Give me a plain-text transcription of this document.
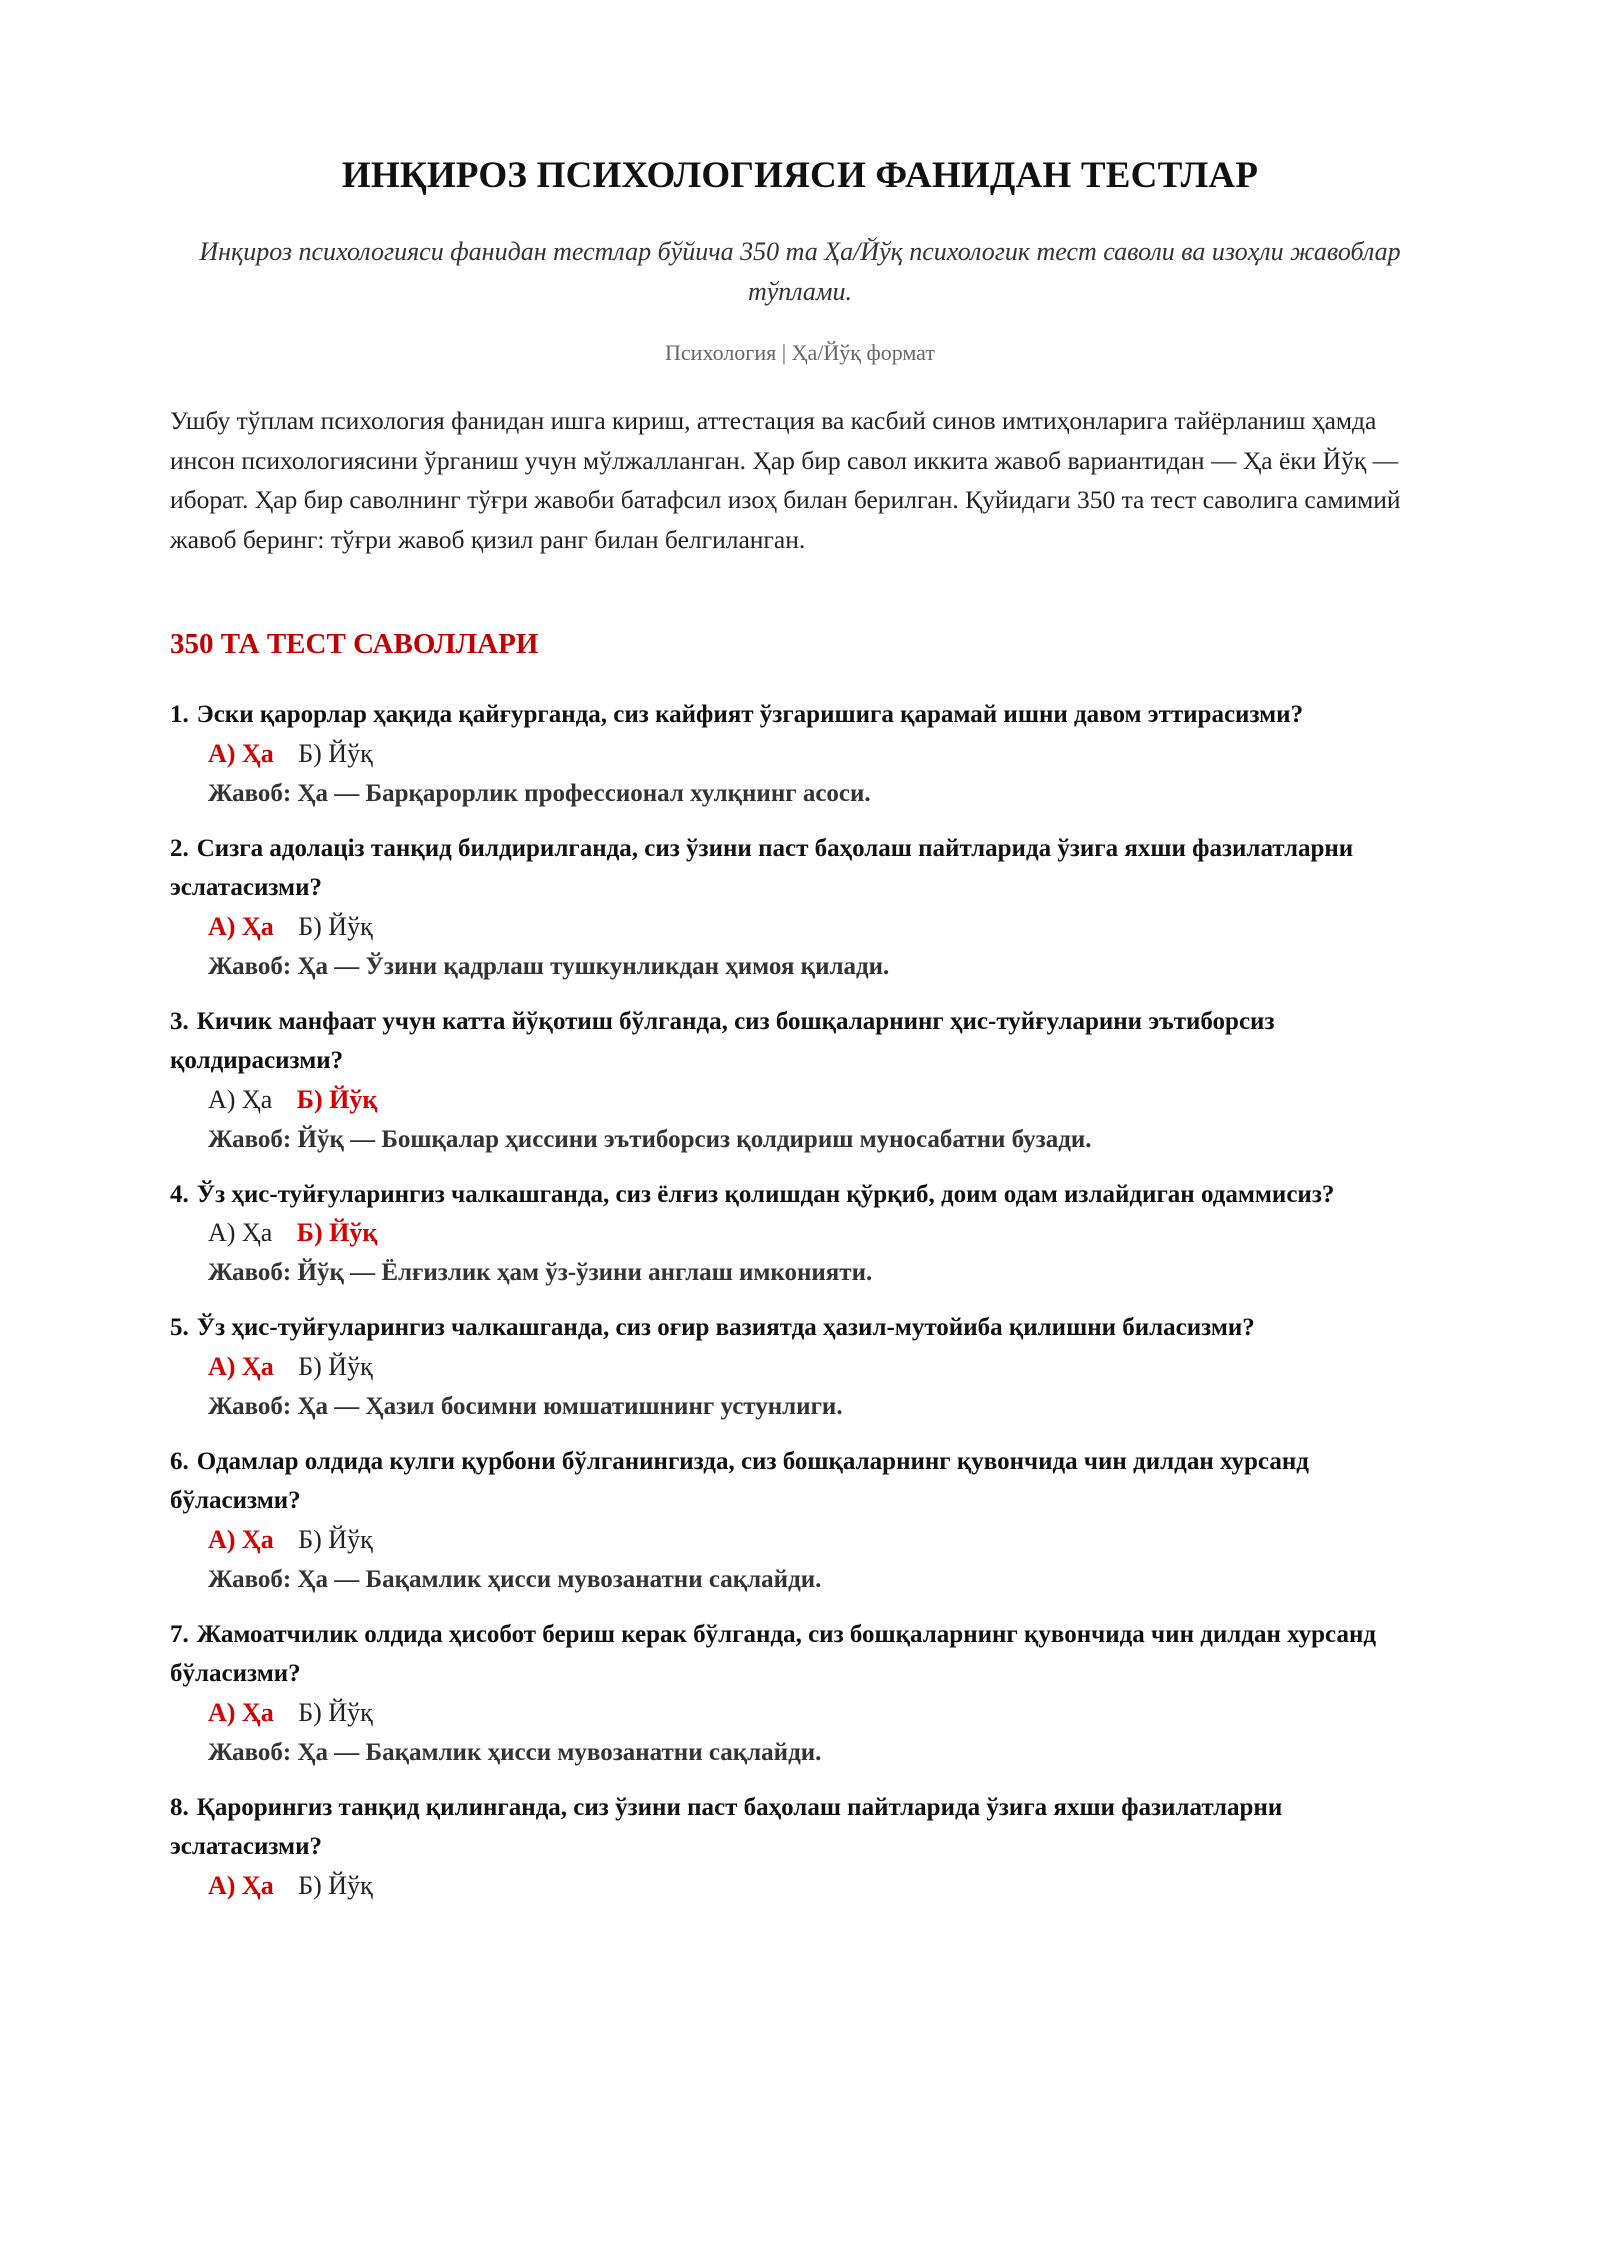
ИНҚИРОЗ ПСИХОЛОГИЯСИ ФАНИДАН ТЕСТЛАР

Инқироз психологияси фанидан тестлар бўйича 350 та Ҳа/Йўқ психологик тест саволи ва изоҳли жавоблар тўплами.

Психология | Ҳа/Йўқ формат

Ушбу тўплам психология фанидан ишга кириш, аттестация ва касбий синов имтиҳонларига тайёрланиш ҳамда инсон психологиясини ўрганиш учун мўлжалланган. Ҳар бир савол иккита жавоб вариантидан — Ҳа ёки Йўқ — иборат. Ҳар бир саволнинг тўғри жавоби батафсил изоҳ билан берилган. Қуйидаги 350 та тест саволига самимий жавоб беринг: тўғри жавоб қизил ранг билан белгиланган.

350 ТА ТЕСТ САВОЛЛАРИ

1. Эски қарорлар ҳақида қайғурганда, сиз кайфият ўзгаришига қарамай ишни давом эттирасизми?

А) Ҳа Б) Йўқ
Жавоб: Ҳа — Барқарорлик профессионал хулқнинг асоси.

2. Сизга адолацiз танқид билдирилганда, сиз ўзини паст баҳолаш пайтларида ўзига яхши фазилатларни эслатасизми?

А) Ҳа Б) Йўқ
Жавоб: Ҳа — Ўзини қадрлаш тушкунликдан ҳимоя қилади.

3. Кичик манфаат учун катта йўқотиш бўлганда, сиз бошқаларнинг ҳис-туйғуларини эътиборсиз қолдирасизми?

А) Ҳа Б) Йўқ
Жавоб: Йўқ — Бошқалар ҳиссини эътиборсиз қолдириш муносабатни бузади.

4. Ўз ҳис-туйғуларингиз чалкашганда, сиз ёлғиз қолишдан қўрқиб, доим одам излайдиган одаммисиз?

А) Ҳа Б) Йўқ
Жавоб: Йўқ — Ёлғизлик ҳам ўз-ўзини англаш имконияти.

5. Ўз ҳис-туйғуларингиз чалкашганда, сиз оғир вазиятда ҳазил-мутойиба қилишни биласизми?

А) Ҳа Б) Йўқ
Жавоб: Ҳа — Ҳазил босимни юмшатишнинг устунлиги.

6. Одамлар олдида кулги қурбони бўлганингизда, сиз бошқаларнинг қувончида чин дилдан хурсанд бўласизми?

А) Ҳа Б) Йўқ
Жавоб: Ҳа — Бақамлик ҳисси мувозанатни сақлайди.

7. Жамоатчилик олдида ҳисобот бериш керак бўлганда, сиз бошқаларнинг қувончида чин дилдан хурсанд бўласизми?

А) Ҳа Б) Йўқ
Жавоб: Ҳа — Бақамлик ҳисси мувозанатни сақлайди.

8. Қарорингиз танқид қилинганда, сиз ўзини паст баҳолаш пайтларида ўзига яхши фазилатларни эслатасизми?

А) Ҳа Б) Йўқ
